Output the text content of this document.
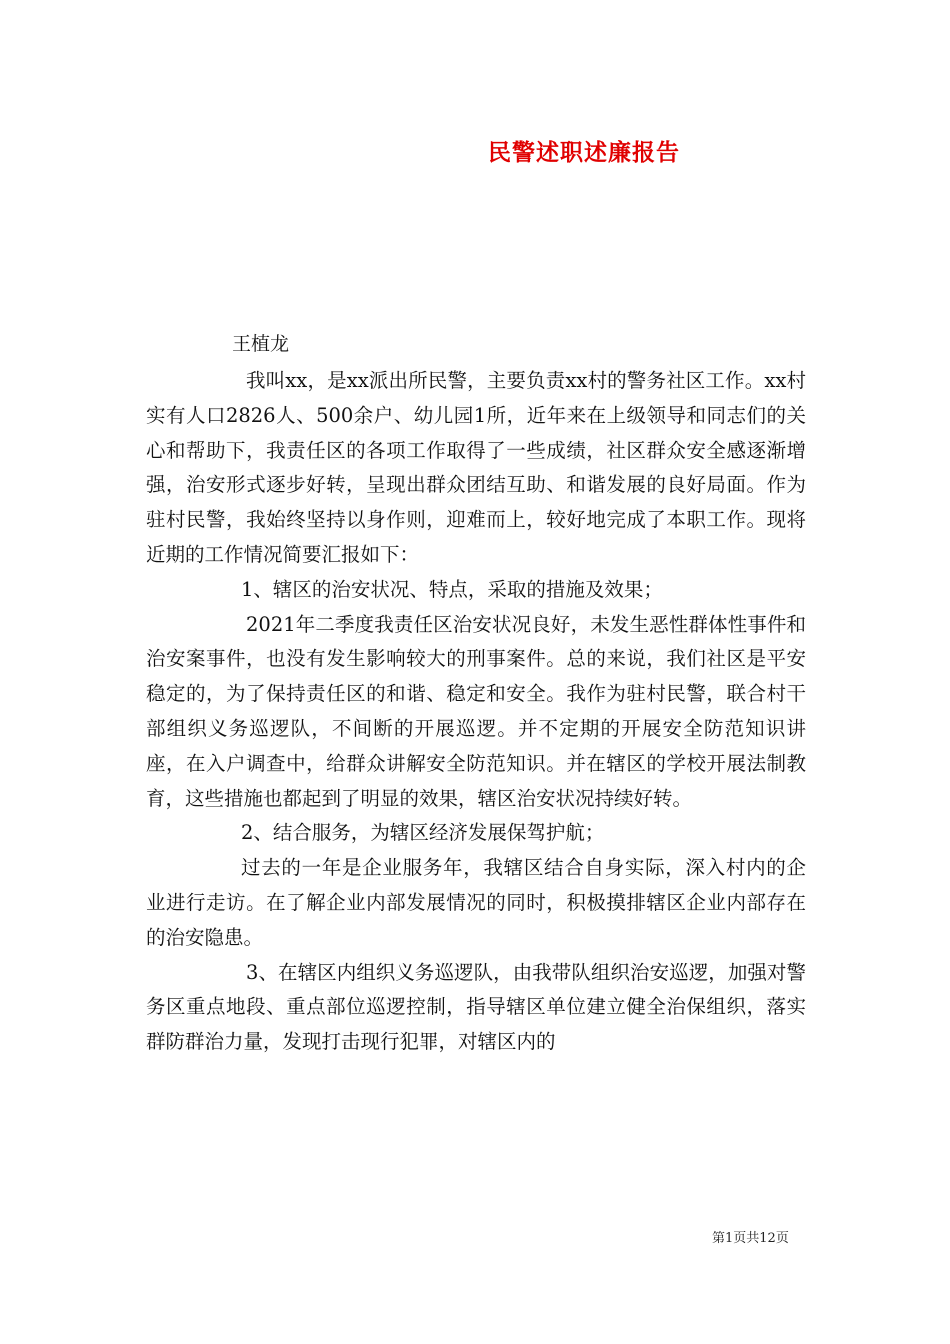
民警述职述廉报告
王植龙

我叫xx，是xx派出所民警，主要负责xx村的警务社区工作。xx村实有人口2826人、500余户、幼儿园1所，近年来在上级领导和同志们的关心和帮助下，我责任区的各项工作取得了一些成绩，社区群众安全感逐渐增强，治安形式逐步好转，呈现出群众团结互助、和谐发展的良好局面。作为驻村民警，我始终坚持以身作则，迎难而上，较好地完成了本职工作。现将近期的工作情况简要汇报如下：

1、辖区的治安状况、特点，采取的措施及效果；

2021年二季度我责任区治安状况良好，未发生恶性群体性事件和治安案事件，也没有发生影响较大的刑事案件。总的来说，我们社区是平安稳定的，为了保持责任区的和谐、稳定和安全。我作为驻村民警，联合村干部组织义务巡逻队，不间断的开展巡逻。并不定期的开展安全防范知识讲座，在入户调查中，给群众讲解安全防范知识。并在辖区的学校开展法制教育，这些措施也都起到了明显的效果，辖区治安状况持续好转。

2、结合服务，为辖区经济发展保驾护航；

过去的一年是企业服务年，我辖区结合自身实际，深入村内的企业进行走访。在了解企业内部发展情况的同时，积极摸排辖区企业内部存在的治安隐患。

3、在辖区内组织义务巡逻队，由我带队组织治安巡逻，加强对警务区重点地段、重点部位巡逻控制，指导辖区单位建立健全治保组织，落实群防群治力量，发现打击现行犯罪，对辖区内的

第1页共12页
